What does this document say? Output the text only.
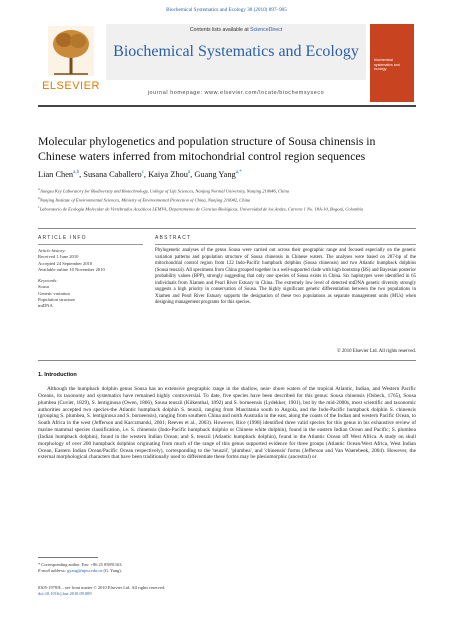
Biochemical Systematics and Ecology 38 (2010) 897–905
ELSEVIER
Contents lists available at ScienceDirect
Biochemical Systematics and Ecology
journal homepage: www.elsevier.com/locate/biochemsyseco
biochemical systematics and ecology
Molecular phylogenetics and population structure of Sousa chinensis in Chinese waters inferred from mitochondrial control region sequences
Lian Chen$^{a,b}$, Susana Caballero$^c$, Kaiya Zhou$^a$, Guang Yang$^{a,*}$
$^a$Jiangsu Key Laboratory for Biodiversity and Biotechnology, College of Life Sciences, Nanjing Normal University, Nanjing 210046, China
$^b$Nanjing Institute of Environmental Sciences, Ministry of Environmental Protection of China, Nanjing 210042, China
$^c$Laboratorio de Ecología Molecular de Vertebrados Acuáticos LEMVA, Departamento de Ciencias Biológicas, Universidad de los Andes, Carrera 1 No. 18A-10, Bogotá, Colombia
ARTICLE INFO
Article history:
Received 1 June 2010
Accepted 24 September 2010
Available online 10 November 2010
Keywords:
Sousa
Genetic variation
Population structure
mtDNA
ABSTRACT
Phylogenetic analyses of the genus Sousa were carried out across their geographic range and focused especially on the genetic variation patterns and population structure of Sousa chinensis in Chinese waters. The analyses were based on 287-bp of the mitochondrial control region from 122 Indo-Pacific humpback dolphins (Sousa chinensis) and two Atlantic humpback dolphins (Sousa teuszii). All specimens from China grouped together in a well-supported clade with high bootstrap (BS) and Bayesian posterior probability values (BPP), strongly suggesting that only one species of Sousa exists in China. Six haplotypes were identified in 65 individuals from Xiamen and Pearl River Estuary in China. The extremely low level of detected mtDNA genetic diversity strongly suggests a high priority in conservation of Sousa. The highly significant genetic differentiation between the two populations in Xiamen and Pearl River Estuary supports the designation of these two populations as separate management units (MUs) when designing management programs for this species.
© 2010 Elsevier Ltd. All rights reserved.
1. Introduction
Although the humpback dolphin genus Sousa has an extensive geographic range in the shallow, near- shore waters of the tropical Atlantic, Indian, and Western Pacific Oceans, its taxonomy and systematics have remained highly controversial. To date, five species have been described for this genus: Sousa chinensis (Osbeck, 1765), Sousa plumbea (Cuvier, 1829), S. lentiginosa (Owen, 1866), Sousa teuszii (Kükenthal, 1892) and S. borneensis (Lydekker, 1901), but by the mid-2000s, most scientific and taxonomic authorities accepted two species-the Atlantic humpback dolphin S. teuszii, ranging from Mauritania south to Angola, and the Indo-Pacific humpback dolphin S. chinensis (grouping S. plumbea, S. lentiginosa and S. borneensis), ranging from southern China and north Australia in the east, along the coasts of the Indian and western Pacific Ocean, to South Africa in the west (Jefferson and Karczmarski, 2001; Reeves et al., 2003). However, Rice (1998) identified three valid species for this genus in his exhaustive review of marine mammal species classification, i.e. S. chinensis (Indo-Pacific humpback dolphin or Chinese white dolphin), found in the eastern Indian Ocean and Pacific; S. plumbea (Indian humpback dolphin), found in the western Indian Ocean; and S. teuszii (Atlantic humpback dolphin), found in the Atlantic Ocean off West Africa. A study on skull morphology of over 200 humpback dolphins originating from much of the range of this genus supported evidence for three groups (Atlantic Ocean/West Africa, West Indian Ocean, Eastern Indian Ocean/Pacific Ocean respectively), corresponding to the 'teuszii', 'plumbea', and 'chinensis' forms (Jefferson and Van Waerebeek, 2004). However, the external morphological characters that have been traditionally used to differentiate these forms may be plesiomorphic (ancestral) or
* Corresponding author. Fax: +86 25 85891163.
E-mail address: gyang@njnu.edu.cn (G. Yang).
0305-1978/$ – see front matter © 2010 Elsevier Ltd. All rights reserved.
doi:10.1016/j.bse.2010.09.009
